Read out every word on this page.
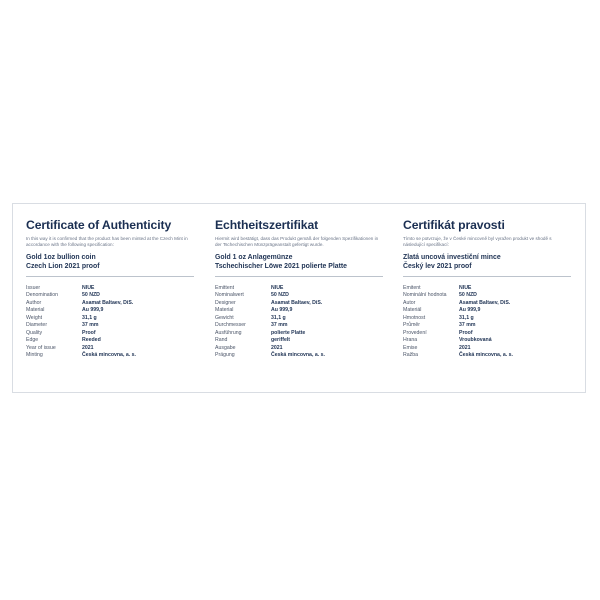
Certificate of Authenticity
In this way it is confirmed that the product has been minted at the Czech Mint in accordance with the following specification:
Gold 1oz bullion coin
Czech Lion 2021 proof
Issuer	NIUE
Denomination	50 NZD
Author	Asamat Baltaev, DiS.
Material	Au 999,9
Weight	31,1 g
Diameter	37 mm
Quality	Proof
Edge	Reeded
Year of issue	2021
Minting	Česká mincovna, a. s.
Echtheitszertifikat
Hiermit wird bestätigt, dass das Produkt gemäß der folgenden Spezifikationen in der Tschechischen Münzprägeanstalt gefertigt wurde.
Gold 1 oz Anlagemünze
Tschechischer Löwe 2021 polierte Platte
Emittent	NIUE
Nominalwert	50 NZD
Designer	Asamat Baltaev, DiS.
Material	Au 999,9
Gewicht	31,1 g
Durchmesser	37 mm
Ausführung	polierte Platte
Rand	geriffelt
Ausgabe	2021
Prägung	Česká mincovna, a. s.
Certifikát pravosti
Tímto se potvrzuje, že v České mincovně byl vyražen produkt ve shodě s následující specifikací:
Zlatá uncová investiční mince
Český lev 2021 proof
Emitent	NIUE
Nominální hodnota	50 NZD
Autor	Asamat Baltaev, DiS.
Materiál	Au 999,9
Hmotnost	31,1 g
Průměr	37 mm
Provedení	Proof
Hrana	Vroubkovaná
Emise	2021
Ražba	Česká mincovna, a. s.
